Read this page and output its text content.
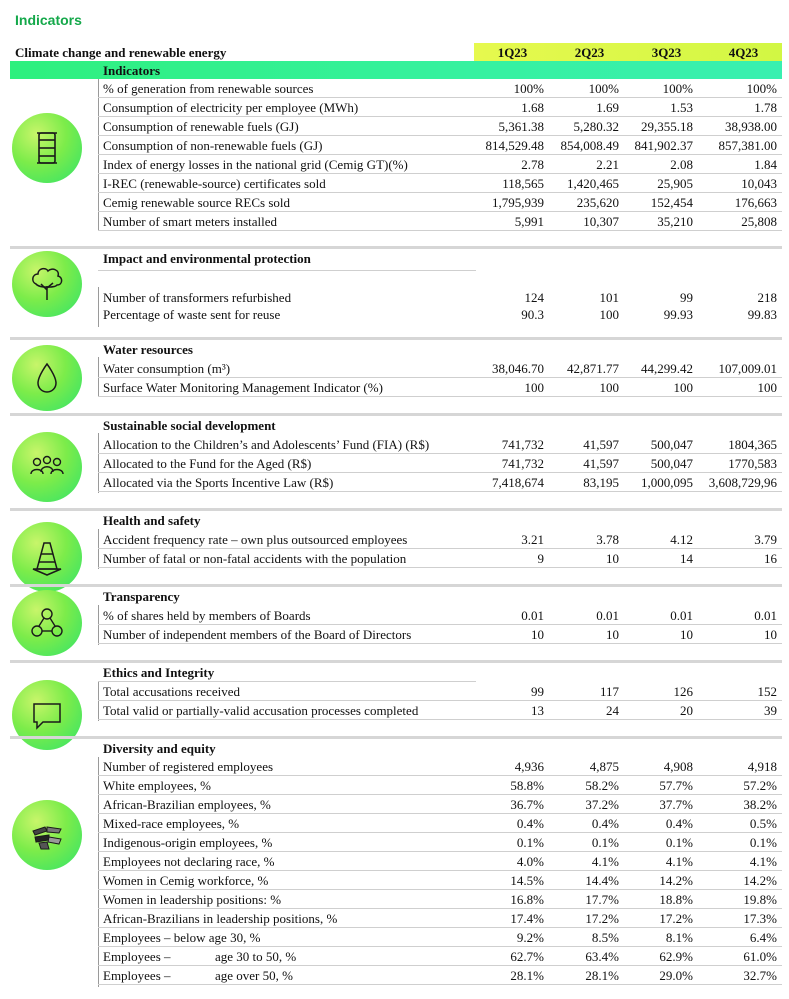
Indicators
Climate change and renewable energy	1Q23	2Q23	3Q23	4Q23
Indicators
% of generation from renewable sources	100%	100%	100%	100%
Consumption of electricity per employee (MWh)	1.68	1.69	1.53	1.78
Consumption of renewable fuels (GJ)	5,361.38	5,280.32	29,355.18	38,938.00
Consumption of non-renewable fuels (GJ)	814,529.48	854,008.49	841,902.37	857,381.00
Index of energy losses in the national grid (Cemig GT)(%)	2.78	2.21	2.08	1.84
I-REC (renewable-source) certificates sold	118,565	1,420,465	25,905	10,043
Cemig renewable source RECs sold	1,795,939	235,620	152,454	176,663
Number of smart meters installed	5,991	10,307	35,210	25,808
Impact and environmental protection
Number of transformers refurbished	124	101	99	218
Percentage of waste sent for reuse	90.3	100	99.93	99.83
Water resources
Water consumption (m³)	38,046.70	42,871.77	44,299.42	107,009.01
Surface Water Monitoring Management Indicator (%)	100	100	100	100
Sustainable social development
Allocation to the Children’s and Adolescents’ Fund (FIA) (R$)	741,732	41,597	500,047	1804,365
Allocated to the Fund for the Aged (R$)	741,732	41,597	500,047	1770,583
Allocated via the Sports Incentive Law (R$)	7,418,674	83,195	1,000,095	3,608,729,96
Health and safety
Accident frequency rate – own plus outsourced employees	3.21	3.78	4.12	3.79
Number of fatal or non-fatal accidents with the population	9	10	14	16
Transparency
% of shares held by members of Boards	0.01	0.01	0.01	0.01
Number of independent members of the Board of Directors	10	10	10	10
Ethics and Integrity
Total accusations received	99	117	126	152
Total valid or partially-valid accusation processes completed	13	24	20	39
Diversity and equity
Number of registered employees	4,936	4,875	4,908	4,918
White employees, %	58.8%	58.2%	57.7%	57.2%
African-Brazilian employees, %	36.7%	37.2%	37.7%	38.2%
Mixed-race employees, %	0.4%	0.4%	0.4%	0.5%
Indigenous-origin employees, %	0.1%	0.1%	0.1%	0.1%
Employees not declaring race, %	4.0%	4.1%	4.1%	4.1%
Women in Cemig workforce, %	14.5%	14.4%	14.2%	14.2%
Women in leadership positions: %	16.8%	17.7%	18.8%	19.8%
African-Brazilians in leadership positions, %	17.4%	17.2%	17.2%	17.3%
Employees – below age 30, %	9.2%	8.5%	8.1%	6.4%
Employees –	age 30 to 50, %	62.7%	63.4%	62.9%	61.0%
Employees –	age over 50, %	28.1%	28.1%	29.0%	32.7%
